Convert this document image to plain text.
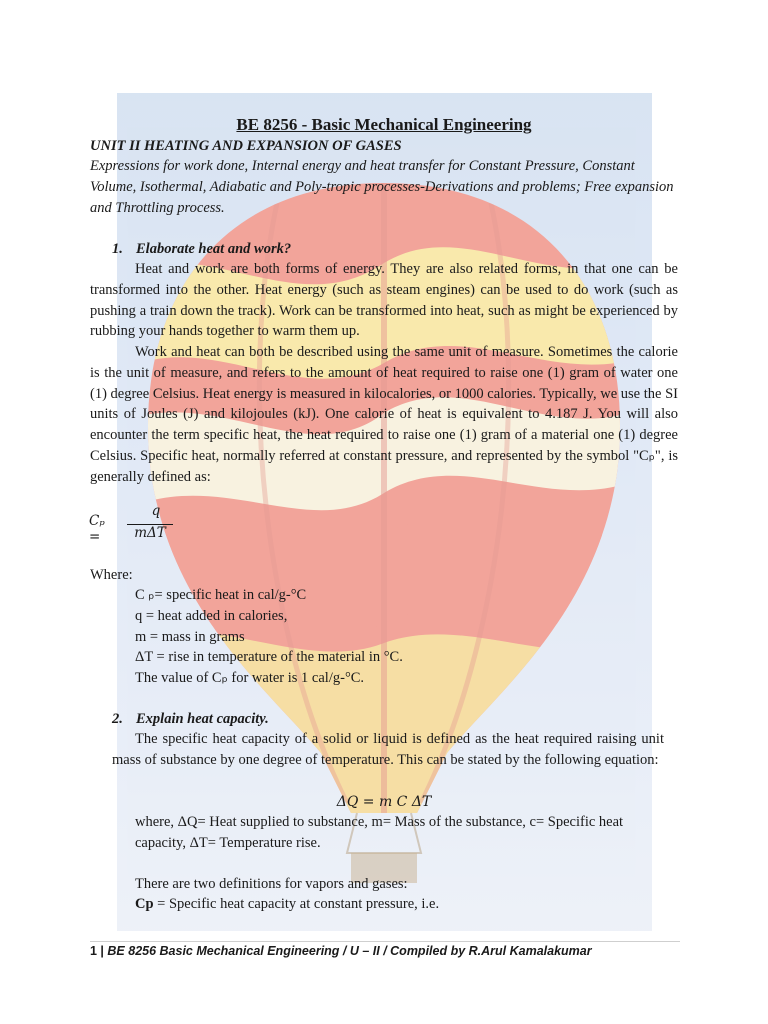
BE 8256 - Basic Mechanical Engineering
UNIT II HEATING AND EXPANSION OF GASES
Expressions for work done, Internal energy and heat transfer for Constant Pressure, Constant Volume, Isothermal, Adiabatic and Poly-tropic processes-Derivations and problems; Free expansion and Throttling process.
1. Elaborate heat and work?

Heat and work are both forms of energy. They are also related forms, in that one can be transformed into the other. Heat energy (such as steam engines) can be used to do work (such as pushing a train down the track). Work can be transformed into heat, such as might be experienced by rubbing your hands together to warm them up.

Work and heat can both be described using the same unit of measure. Sometimes the calorie is the unit of measure, and refers to the amount of heat required to raise one (1) gram of water one (1) degree Celsius. Heat energy is measured in kilocalories, or 1000 calories. Typically, we use the SI units of Joules (J) and kilojoules (kJ). One calorie of heat is equivalent to 4.187 J. You will also encounter the term specific heat, the heat required to raise one (1) gram of a material one (1) degree Celsius. Specific heat, normally referred at constant pressure, and represented by the symbol "Cₚ", is generally defined as:

Cₚ =
q
mΔT
Where:
C ₚ= specific heat in cal/g-°C
q = heat added in calories,
m = mass in grams
ΔT = rise in temperature of the material in °C.
The value of Cₚ for water is 1 cal/g-°C.
2. Explain heat capacity.

The specific heat capacity of a solid or liquid is defined as the heat required raising unit mass of substance by one degree of temperature. This can be stated by the following equation:

ΔQ = m C ΔT

where, ΔQ= Heat supplied to substance, m= Mass of the substance, c= Specific heat capacity, ΔT= Temperature rise.

There are two definitions for vapors and gases:
Cp = Specific heat capacity at constant pressure, i.e.
1 | BE 8256 Basic Mechanical Engineering / U – II / Compiled by R.Arul Kamalakumar
